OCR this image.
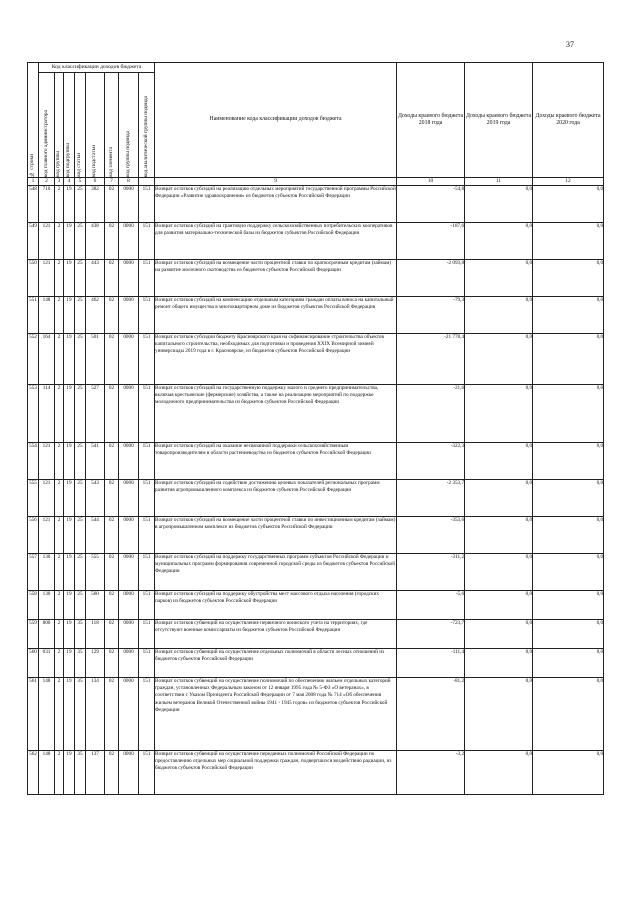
37
№ строки	Код классификации доходов бюджета								Наименование кода классификации доходов бюджета	Доходы краевого бюджета 2018 года	Доходы краевого бюджета 2019 года	Доходы краевого бюджета 2020 года

	код главного администратора	код группы	код подгруппы	код статьи	код подстатьи	код элемента	код группы подвида	код аналитической группы подвида				

1	2	3	4	5	6	7	8		9	10	11	12
548	710	2	19	25	382	02	0000	151	Возврат остатков субсидий на реализацию отдельных мероприятий государственной программы Российской Федерации «Развитие здравоохранения» из бюджетов субъектов Российской Федерации	-54,8	0,0	0,0
549	121	2	19	25	438	02	0000	151	Возврат остатков субсидий на грантовую поддержку сельскохозяйственных потребительских кооперативов для развития материально-технической базы из бюджетов субъектов Российской Федерации	-187,6	0,0	0,0
550	121	2	19	25	443	02	0000	151	Возврат остатков субсидий на возмещение части процентной ставки по краткосрочным кредитам (займам) на развитие молочного скотоводства из бюджетов субъектов Российской Федерации	-2 093,8	0,0	0,0
551	148	2	19	25	462	02	0000	151	Возврат остатков субсидий на компенсацию отдельным категориям граждан оплаты взноса на капитальный ремонт общего имущества в многоквартирном доме из бюджетов субъектов Российской Федерации	-79,3	0,0	0,0
552	164	2	19	25	501	02	0000	151	Возврат остатков субсидии бюджету Красноярского края на софинансирование строительства объектов капитального строительства, необходимых для подготовки и проведения XXIX Всемирной зимней универсиады 2019 года в г. Красноярске, из бюджетов субъектов Российской Федерации	-21 778,4	0,0	0,0
553	114	2	19	25	527	02	0000	151	Возврат остатков субсидий на государственную поддержку малого и среднего предпринимательства, включая крестьянские (фермерские) хозяйства, а также на реализацию мероприятий по поддержке молодежного предпринимательства из бюджетов субъектов Российской Федерации	-21,6	0,0	0,0
554	121	2	19	25	541	02	0000	151	Возврат остатков субсидий на оказание несвязанной поддержки сельскохозяйственным товаропроизводителям в области растениеводства из бюджетов субъектов Российской Федерации	-322,3	0,0	0,0
555	121	2	19	25	543	02	0000	151	Возврат остатков субсидий на содействие достижению целевых показателей региональных программ развития агропромышленного комплекса из бюджетов субъектов Российской Федерации	-2 353,7	0,0	0,0
556	121	2	19	25	544	02	0000	151	Возврат остатков субсидий на возмещение части процентной ставки по инвестиционным кредитам (займам) в агропромышленном комплексе из бюджетов субъектов Российской Федерации	-353,6	0,0	0,0
557	130	2	19	25	555	02	0000	151	Возврат остатков субсидий на поддержку государственных программ субъектов Российской Федерации и муниципальных программ формирования современной городской среды из бюджетов субъектов Российской Федерации	-311,2	0,0	0,0
558	130	2	19	25	560	02	0000	151	Возврат остатков субсидий на поддержку обустройства мест массового отдыха населения (городских парков) из бюджетов субъектов Российской Федерации	-5,6	0,0	0,0
559	800	2	19	35	118	02	0000	151	Возврат остатков субвенций на осуществление первичного воинского учета на территориях, где отсутствуют военные комиссариаты из бюджетов субъектов Российской Федерации	-723,7	0,0	0,0
560	031	2	19	35	129	02	0000	151	Возврат остатков субвенций на осуществление отдельных полномочий в области лесных отношений из бюджетов субъектов Российской Федерации	-111,4	0,0	0,0
561	148	2	19	35	134	02	0000	151	Возврат остатков субвенций на осуществление полномочий по обеспечению жильем отдельных категорий граждан, установленных Федеральным законом от 12 января 1995 года № 5-ФЗ «О ветеранах», в соответствии с Указом Президента Российской Федерации от 7 мая 2008 года № 714 «Об обеспечении жильем ветеранов Великой Отечественной войны 1941 - 1945 годов» из бюджетов субъектов Российской Федерации	-81,2	0,0	0,0
562	148	2	19	35	137	02	0000	151	Возврат остатков субвенций на осуществление переданных полномочий Российской Федерации по предоставлению отдельных мер социальной поддержки граждан, подвергшихся воздействию радиации, из бюджетов субъектов Российской Федерации	-3,2	0,0	0,0
